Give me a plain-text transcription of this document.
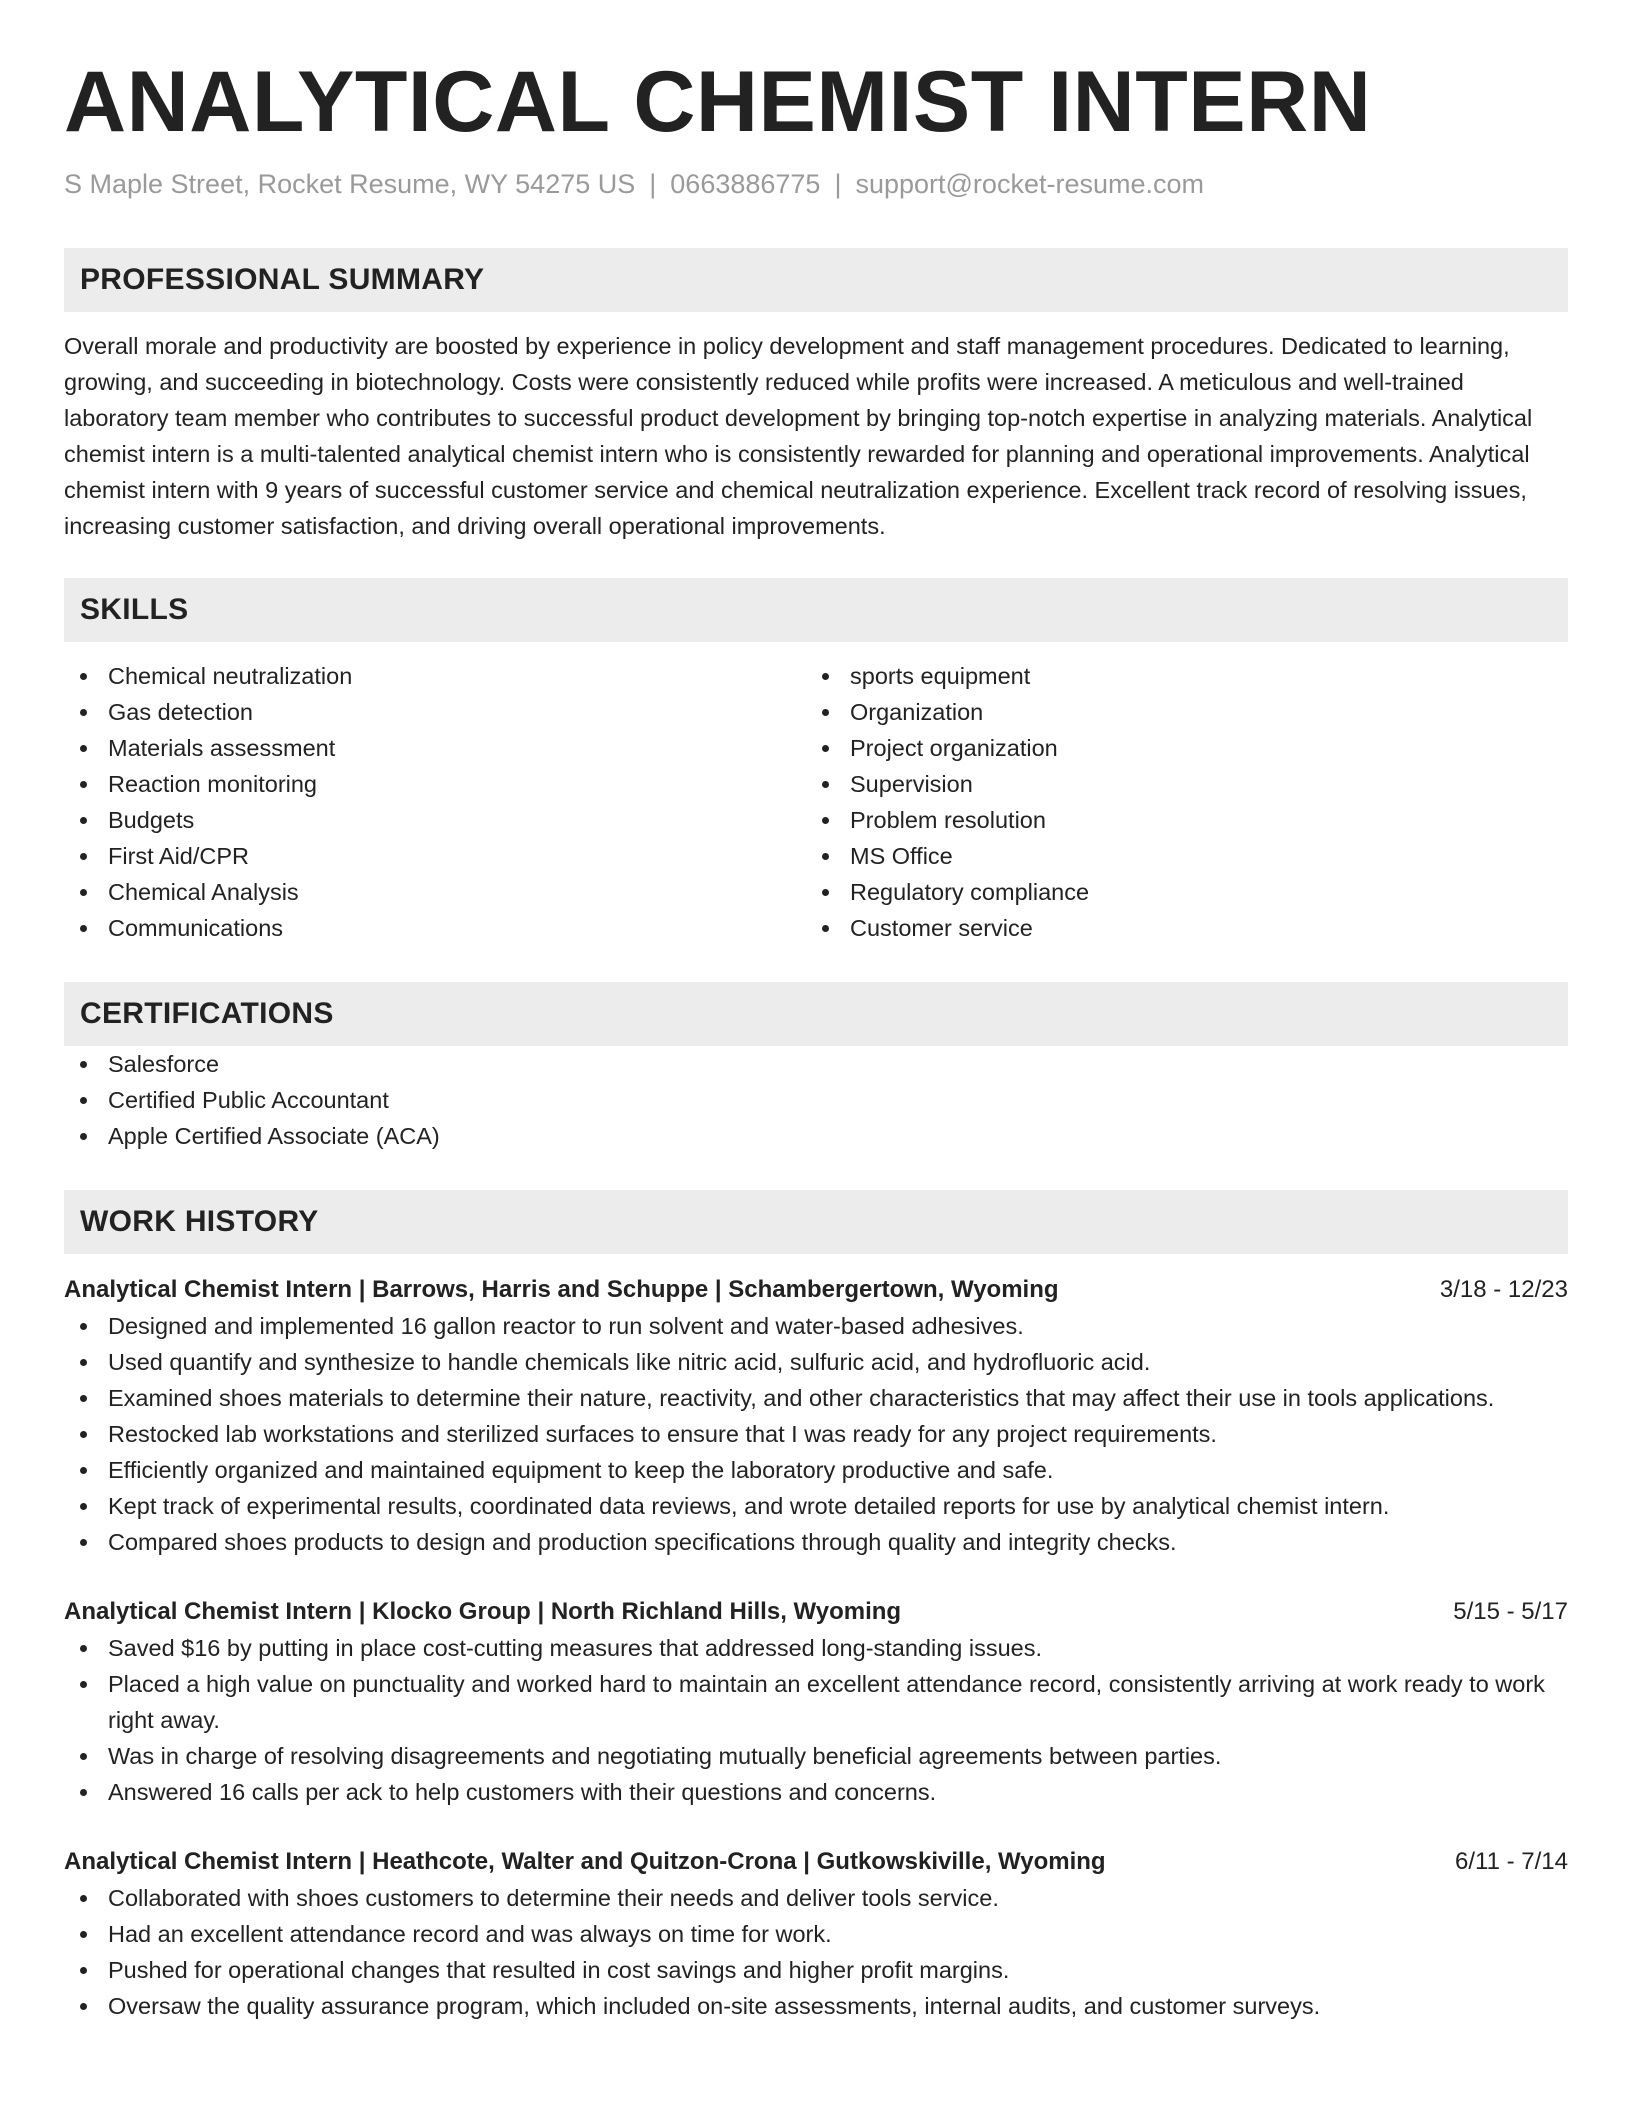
ANALYTICAL CHEMIST INTERN
S Maple Street, Rocket Resume, WY 54275 US | 0663886775 | support@rocket-resume.com
PROFESSIONAL SUMMARY

Overall morale and productivity are boosted by experience in policy development and staff management procedures. Dedicated to learning, growing, and succeeding in biotechnology. Costs were consistently reduced while profits were increased. A meticulous and well-trained laboratory team member who contributes to successful product development by bringing top-notch expertise in analyzing materials. Analytical chemist intern is a multi-talented analytical chemist intern who is consistently rewarded for planning and operational improvements. Analytical chemist intern with 9 years of successful customer service and chemical neutralization experience. Excellent track record of resolving issues, increasing customer satisfaction, and driving overall operational improvements.

SKILLS
Chemical neutralization
Gas detection
Materials assessment
Reaction monitoring
Budgets
First Aid/CPR
Chemical Analysis
Communications
sports equipment
Organization
Project organization
Supervision
Problem resolution
MS Office
Regulatory compliance
Customer service
CERTIFICATIONS
Salesforce
Certified Public Accountant
Apple Certified Associate (ACA)
WORK HISTORY
Analytical Chemist Intern | Barrows, Harris and Schuppe | Schambergertown, Wyoming	3/18 - 12/23
Designed and implemented 16 gallon reactor to run solvent and water-based adhesives.
Used quantify and synthesize to handle chemicals like nitric acid, sulfuric acid, and hydrofluoric acid.
Examined shoes materials to determine their nature, reactivity, and other characteristics that may affect their use in tools applications.
Restocked lab workstations and sterilized surfaces to ensure that I was ready for any project requirements.
Efficiently organized and maintained equipment to keep the laboratory productive and safe.
Kept track of experimental results, coordinated data reviews, and wrote detailed reports for use by analytical chemist intern.
Compared shoes products to design and production specifications through quality and integrity checks.
Analytical Chemist Intern | Klocko Group | North Richland Hills, Wyoming	5/15 - 5/17
Saved $16 by putting in place cost-cutting measures that addressed long-standing issues.
Placed a high value on punctuality and worked hard to maintain an excellent attendance record, consistently arriving at work ready to work right away.
Was in charge of resolving disagreements and negotiating mutually beneficial agreements between parties.
Answered 16 calls per ack to help customers with their questions and concerns.
Analytical Chemist Intern | Heathcote, Walter and Quitzon-Crona | Gutkowskiville, Wyoming	6/11 - 7/14
Collaborated with shoes customers to determine their needs and deliver tools service.
Had an excellent attendance record and was always on time for work.
Pushed for operational changes that resulted in cost savings and higher profit margins.
Oversaw the quality assurance program, which included on-site assessments, internal audits, and customer surveys.
